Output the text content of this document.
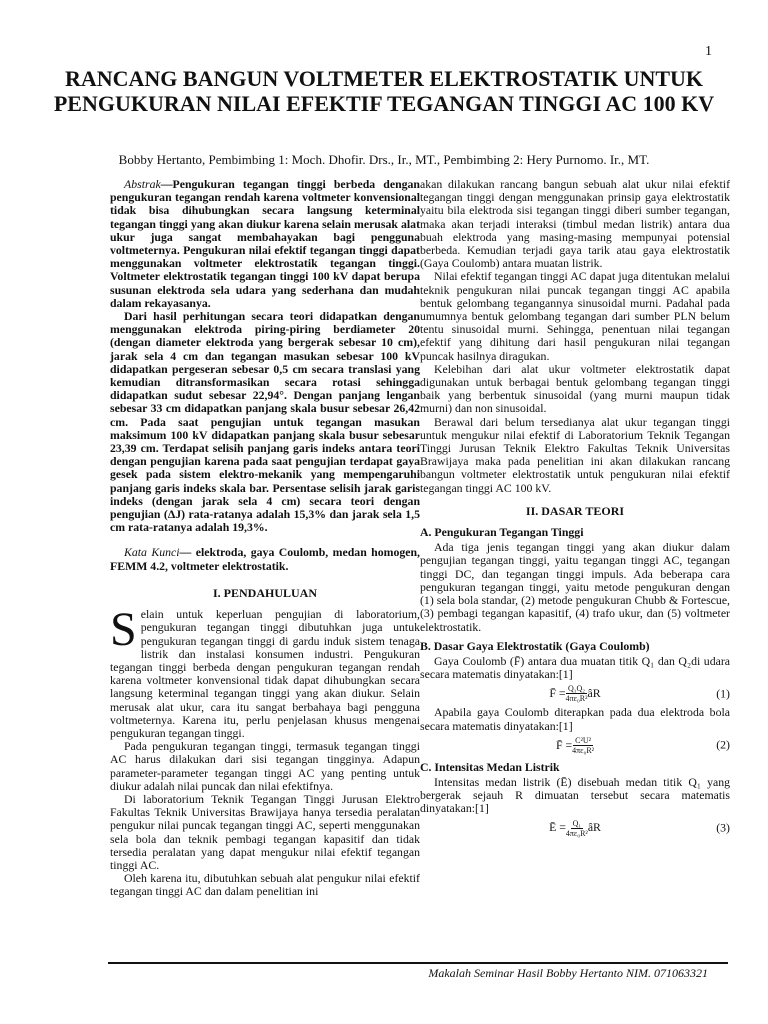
1
RANCANG BANGUN VOLTMETER ELEKTROSTATIK UNTUK PENGUKURAN NILAI EFEKTIF TEGANGAN TINGGI AC 100 KV
Bobby Hertanto, Pembimbing 1: Moch. Dhofir. Drs., Ir., MT., Pembimbing 2: Hery Purnomo. Ir., MT.

Abstrak—Pengukuran tegangan tinggi berbeda dengan pengukuran tegangan rendah karena voltmeter konvensional tidak bisa dihubungkan secara langsung keterminal tegangan tinggi yang akan diukur karena selain merusak alat ukur juga sangat membahayakan bagi pengguna voltmeternya. Pengukuran nilai efektif tegangan tinggi dapat menggunakan voltmeter elektrostatik tegangan tinggi. Voltmeter elektrostatik tegangan tinggi 100 kV dapat berupa susunan elektroda sela udara yang sederhana dan mudah dalam rekayasanya.

Dari hasil perhitungan secara teori didapatkan dengan menggunakan elektroda piring-piring berdiameter 20 (dengan diameter elektroda yang bergerak sebesar 10 cm), jarak sela 4 cm dan tegangan masukan sebesar 100 kV didapatkan pergeseran sebesar 0,5 cm secara translasi yang kemudian ditransformasikan secara rotasi sehingga didapatkan sudut sebesar 22,94°. Dengan panjang lengan sebesar 33 cm didapatkan panjang skala busur sebesar 26,42 cm. Pada saat pengujian untuk tegangan masukan maksimum 100 kV didapatkan panjang skala busur sebesar 23,39 cm. Terdapat selisih panjang garis indeks antara teori dengan pengujian karena pada saat pengujian terdapat gaya gesek pada sistem elektro-mekanik yang mempengaruhi panjang garis indeks skala bar. Persentase selisih jarak garis indeks (dengan jarak sela 4 cm) secara teori dengan pengujian (ΔJ) rata-ratanya adalah 15,3% dan jarak sela 1,5 cm rata-ratanya adalah 19,3%.

Kata Kunci— elektroda, gaya Coulomb, medan homogen, FEMM 4.2, voltmeter elektrostatik.

I. PENDAHULUAN

Selain untuk keperluan pengujian di laboratorium, pengukuran tegangan tinggi dibutuhkan juga untuk pengukuran tegangan tinggi di gardu induk sistem tenaga listrik dan instalasi konsumen industri. Pengukuran tegangan tinggi berbeda dengan pengukuran tegangan rendah karena voltmeter konvensional tidak dapat dihubungkan secara langsung keterminal tegangan tinggi yang akan diukur. Selain merusak alat ukur, cara itu sangat berbahaya bagi pengguna voltmeternya. Karena itu, perlu penjelasan khusus mengenai pengukuran tegangan tinggi.

Pada pengukuran tegangan tinggi, termasuk tegangan tinggi AC harus dilakukan dari sisi tegangan tingginya. Adapun parameter-parameter tegangan tinggi AC yang penting untuk diukur adalah nilai puncak dan nilai efektifnya.

Di laboratorium Teknik Tegangan Tinggi Jurusan Elektro Fakultas Teknik Universitas Brawijaya hanya tersedia peralatan pengukur nilai puncak tegangan tinggi AC, seperti menggunakan sela bola dan teknik pembagi tegangan kapasitif dan tidak tersedia peralatan yang dapat mengukur nilai efektif tegangan tinggi AC.

Oleh karena itu, dibutuhkan sebuah alat pengukur nilai efektif tegangan tinggi AC dan dalam penelitian ini

akan dilakukan rancang bangun sebuah alat ukur nilai efektif tegangan tinggi dengan menggunakan prinsip gaya elektrostatik yaitu bila elektroda sisi tegangan tinggi diberi sumber tegangan, maka akan terjadi interaksi (timbul medan listrik) antara dua buah elektroda yang masing-masing mempunyai potensial berbeda. Kemudian terjadi gaya tarik atau gaya elektrostatik (Gaya Coulomb) antara muatan listrik.

Nilai efektif tegangan tinggi AC dapat juga ditentukan melalui teknik pengukuran nilai puncak tegangan tinggi AC apabila bentuk gelombang tegangannya sinusoidal murni. Padahal pada umumnya bentuk gelombang tegangan dari sumber PLN belum tentu sinusoidal murni. Sehingga, penentuan nilai tegangan efektif yang dihitung dari hasil pengukuran nilai tegangan puncak hasilnya diragukan.

Kelebihan dari alat ukur voltmeter elektrostatik dapat digunakan untuk berbagai bentuk gelombang tegangan tinggi baik yang berbentuk sinusoidal (yang murni maupun tidak murni) dan non sinusoidal.

Berawal dari belum tersedianya alat ukur tegangan tinggi untuk mengukur nilai efektif di Laboratorium Teknik Tegangan Tinggi Jurusan Teknik Elektro Fakultas Teknik Universitas Brawijaya maka pada penelitian ini akan dilakukan rancang bangun voltmeter elektrostatik untuk pengukuran nilai efektif tegangan tinggi AC 100 kV.

II. DASAR TEORI
A. Pengukuran Tegangan Tinggi

Ada tiga jenis tegangan tinggi yang akan diukur dalam pengujian tegangan tinggi, yaitu tegangan tinggi AC, tegangan tinggi DC, dan tegangan tinggi impuls. Ada beberapa cara pengukuran tegangan tinggi, yaitu metode pengukuran dengan (1) sela bola standar, (2) metode pengukuran Chubb & Fortescue, (3) pembagi tegangan kapasitif, (4) trafo ukur, dan (5) voltmeter elektrostatik.

B. Dasar Gaya Elektrostatik (Gaya Coulomb)

Gaya Coulomb (F̄) antara dua muatan titik Q₁ dan Q₂di udara secara matematis dinyatakan:[1]

F̄ = $\frac{\text{Q₁Q₂}}{\text{4πε₀R²}}$ âR	(1)

Apabila gaya Coulomb diterapkan pada dua elektroda bola secara matematis dinyatakan:[1]

F̄ = $\frac{\text{C²U²}}{\text{4πε₀R²}}$	(2)
C. Intensitas Medan Listrik

Intensitas medan listrik (Ē) disebuah medan titik Q₁ yang bergerak sejauh R dimuatan tersebut secara matematis dinyatakan:[1]

Ē = $\frac{\text{Q₁}}{\text{4πε₀R²}}$ âR	(3)
Makalah Seminar Hasil Bobby Hertanto NIM. 071063321
